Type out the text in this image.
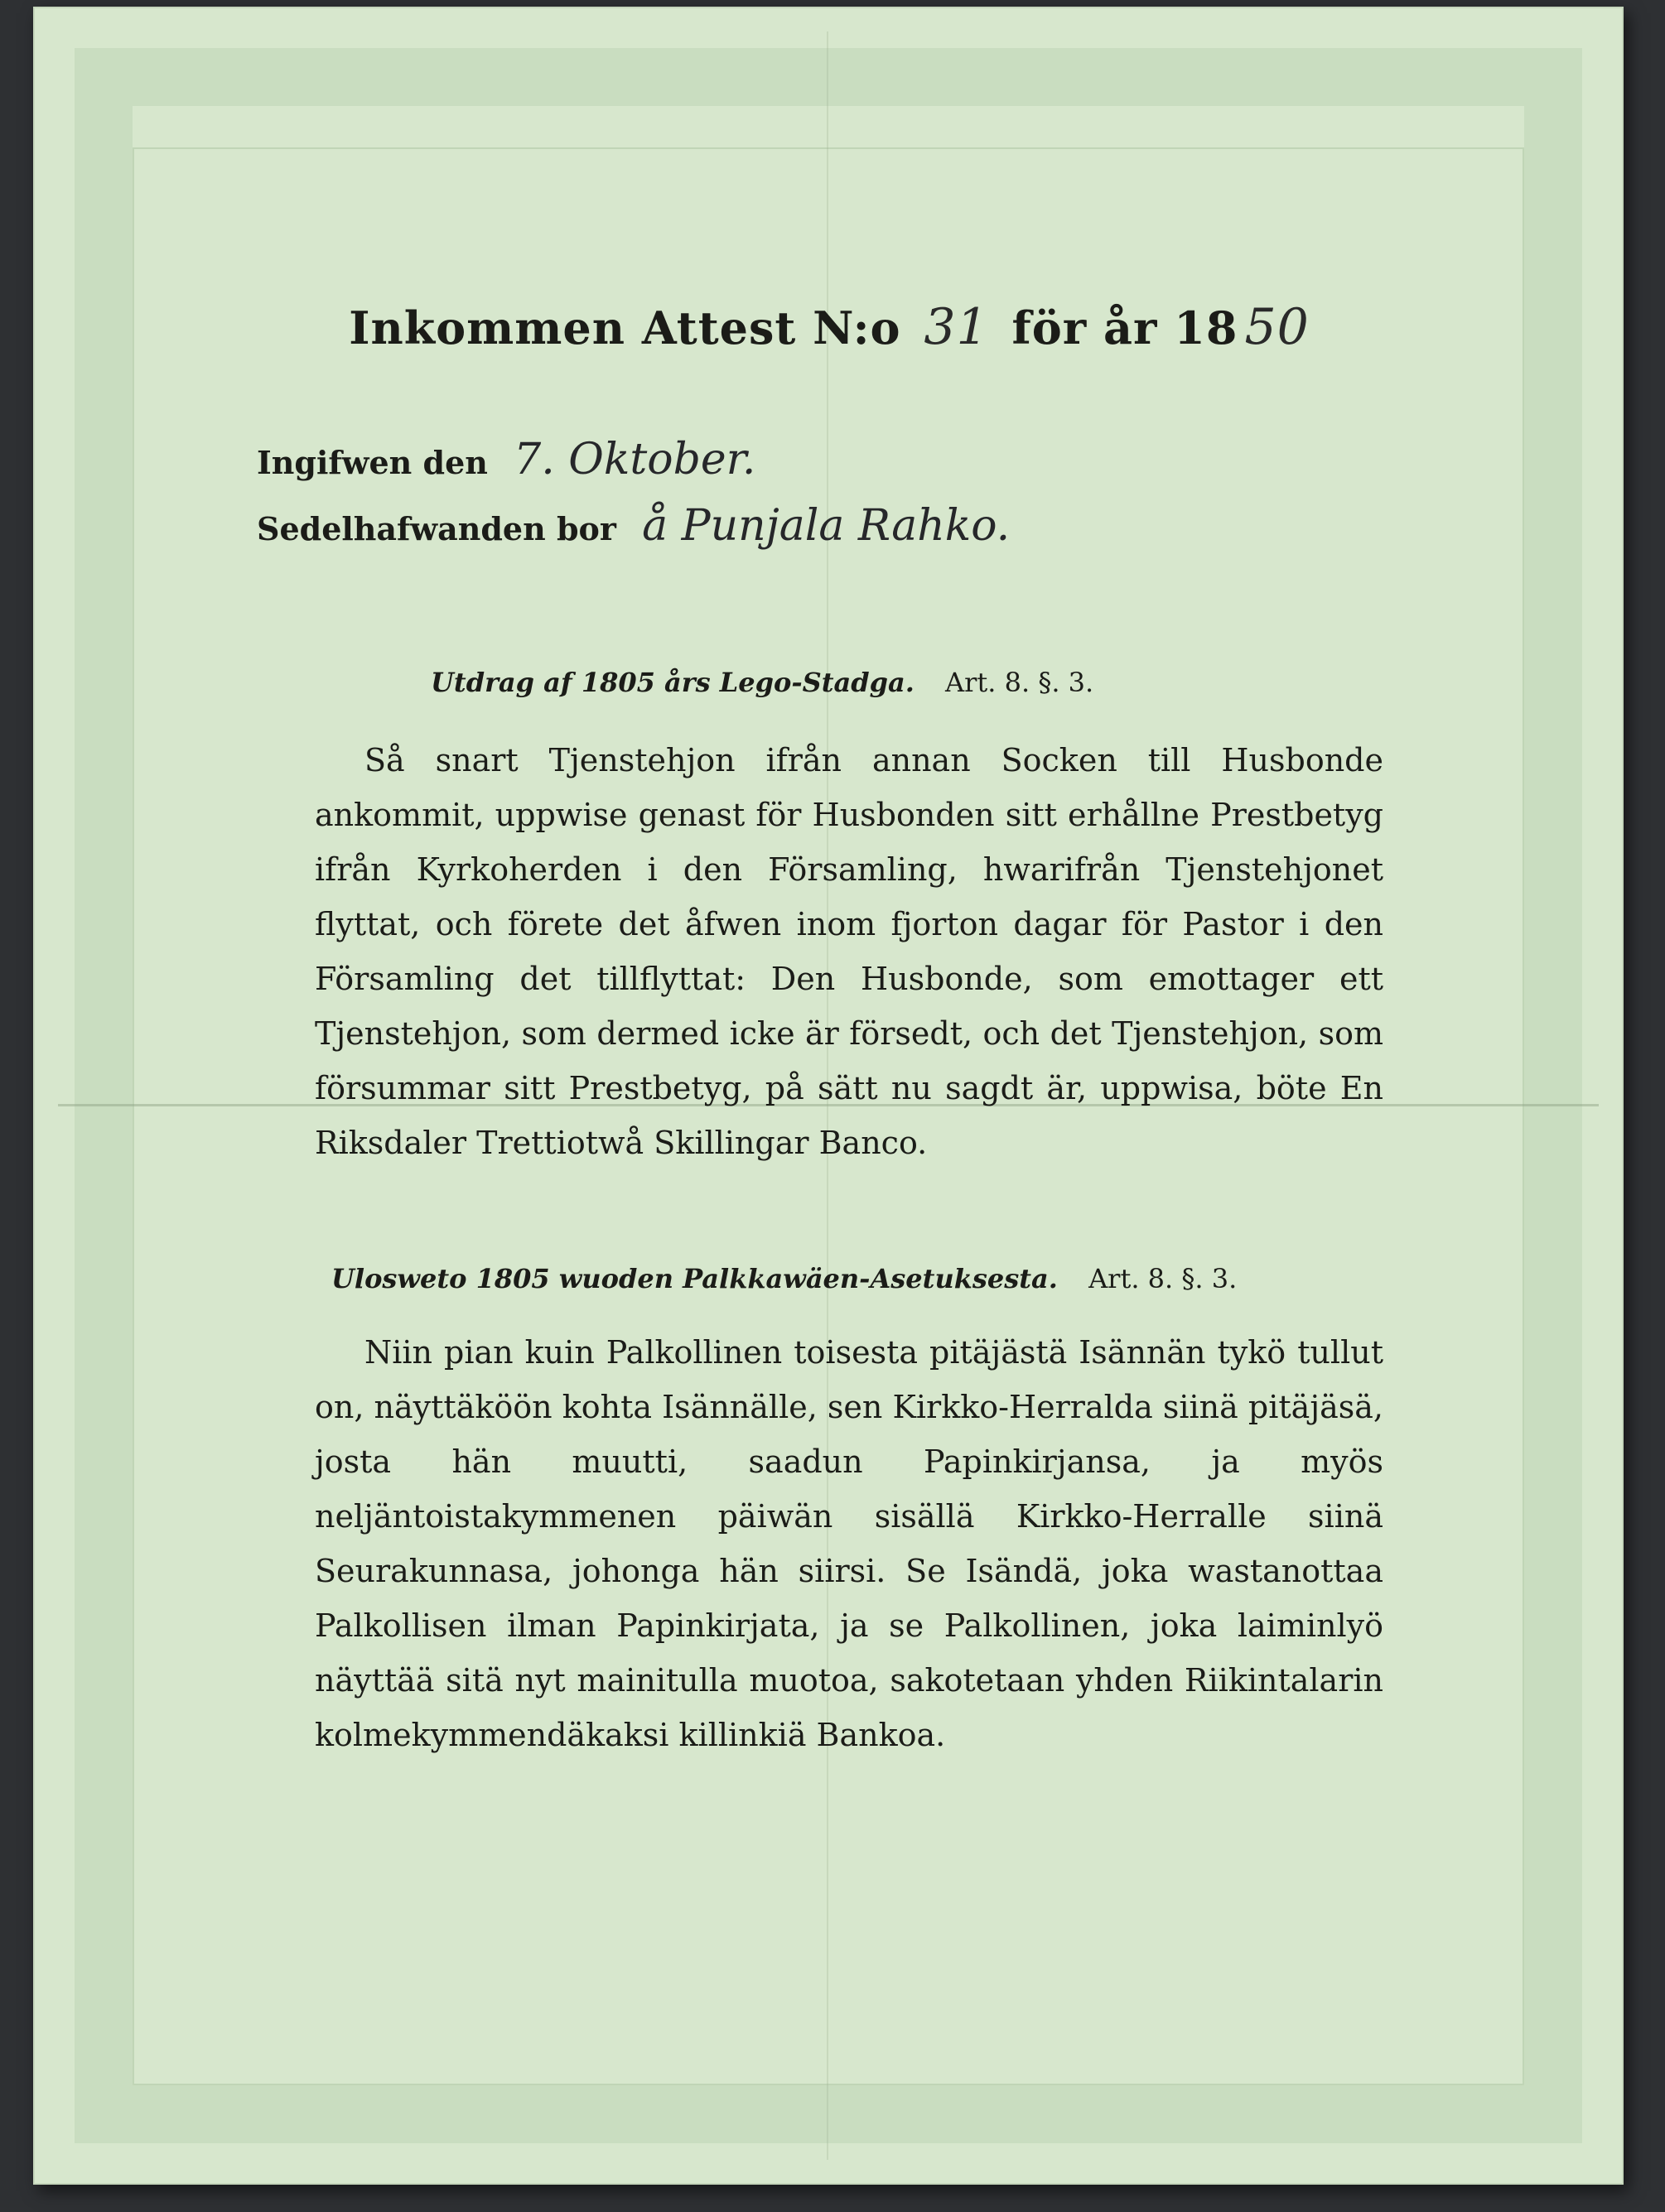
Inkommen Attest N:o 31 för år 18 50
Ingifwen den 7. Oktober.
Sedelhafwanden bor å Punjala Rahko.
Utdrag af 1805 års Lego-Stadga. Art. 8. §. 3.
Så snart Tjenstehjon ifrån annan Socken till Husbonde ankommit, uppwise genast för Husbonden sitt erhållne Prestbetyg ifrån Kyrkoherden i den Församling, hwarifrån Tjenstehjonet flyttat, och förete det åfwen inom fjorton dagar för Pastor i den Församling det tillflyttat: Den Husbonde, som emottager ett Tjenstehjon, som dermed icke är försedt, och det Tjenstehjon, som försummar sitt Prestbetyg, på sätt nu sagdt är, uppwisa, böte En Riksdaler Trettiotwå Skillingar Banco.
Ulosweto 1805 wuoden Palkkawäen-Asetuksesta. Art. 8. §. 3.
Niin pian kuin Palkollinen toisesta pitäjästä Isännän tykö tullut on, näyttäköön kohta Isännälle, sen Kirkko-Herralda siinä pitäjäsä, josta hän muutti, saadun Papinkirjansa, ja myös neljäntoistakymmenen päiwän sisällä Kirkko-Herralle siinä Seurakunnasa, johonga hän siirsi. Se Isändä, joka wastanottaa Palkollisen ilman Papinkirjata, ja se Palkollinen, joka laiminlyö näyttää sitä nyt mainitulla muotoa, sakotetaan yhden Riikintalarin kolmekymmendäkaksi killinkiä Bankoa.
